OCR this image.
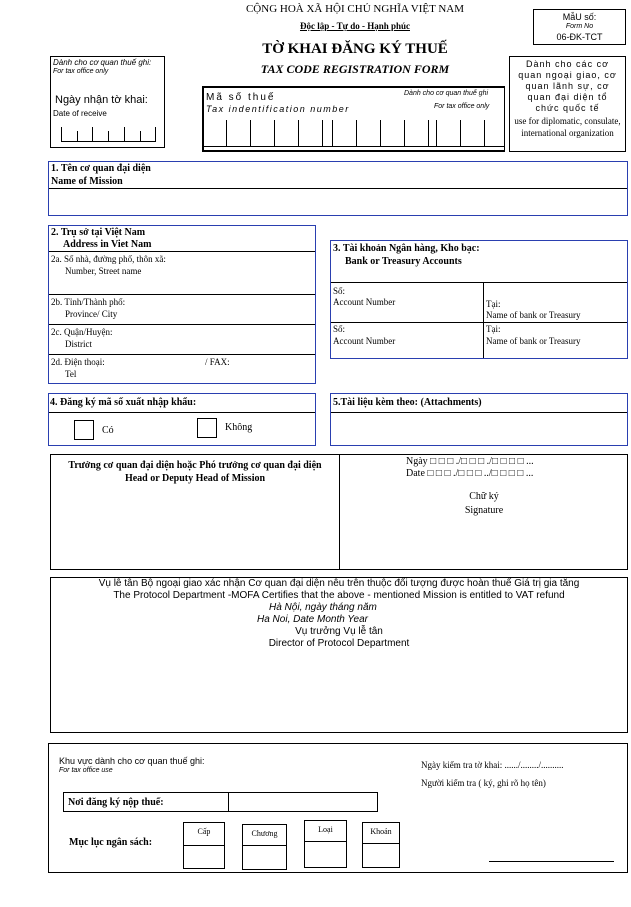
CỘNG HOÀ XÃ HỘI CHỦ NGHĨA VIỆT NAM
Độc lập - Tự do - Hạnh phúc
TỜ KHAI ĐĂNG KÝ THUẾ
TAX CODE REGISTRATION FORM
MẫU số:
Form No
06-ĐK-TCT
Dành cho cơ quan thuế ghi:
For tax office only
Ngày nhận tờ khai:
Date of receive
Mã số thuế
Tax indentification number
Dành cho cơ quan thuế ghi
For tax office only
Dành cho các cơ quan ngoại giao, cơ quan lãnh sự, cơ quan đại diện tổ chức quốc tế
use for diplomatic, consulate, international organization
1. Tên cơ quan đại diện
Name of Mission
2. Trụ sở tại Việt Nam
Address in Viet Nam
2a. Số nhà, đường phố, thôn xã:
Number, Street name
2b. Tỉnh/Thành phố:
Province/ City
2c. Quận/Huyện:
District
2d. Điện thoại:	/ FAX:
Tel
3. Tài khoản Ngân hàng, Kho bạc:
Bank or Treasury Accounts
Số:
Account Number	Tại:
Name of bank or Treasury
Số:
Account Number
Tại:
Name of bank or Treasury
4. Đăng ký mã số xuất nhập khẩu:
Có	Không
5.Tài liệu kèm theo: (Attachments)
Trưởng cơ quan đại diện hoặc Phó trưởng cơ quan đại diện
Head or Deputy Head of Mission
Ngày □ □ □ ./□ □ □ ./□ □ □ □ ...
Date □ □ □ ./□ □ □ ../□ □ □ □ ...
Chữ ký
Signature
Vụ lễ tân Bộ ngoại giao xác nhận Cơ quan đại diện nêu trên thuộc đối tượng được hoàn thuế Giá trị gia tăng
The Protocol Department -MOFA Certifies that the above - mentioned Mission is entitled to VAT refund
Hà Nội, ngày tháng năm
Ha Noi, Date Month Year
Vụ trưởng Vụ lễ tân
Director of Protocol Department
Khu vực dành cho cơ quan thuế ghi:
For tax office use
Ngày kiểm tra tờ khai: ....../......../..........
Người kiểm tra ( ký, ghi rõ họ tên)
Nơi đăng ký nộp thuế:
Mục lục ngân sách:
Cấp	Chương	Loại	Khoản
